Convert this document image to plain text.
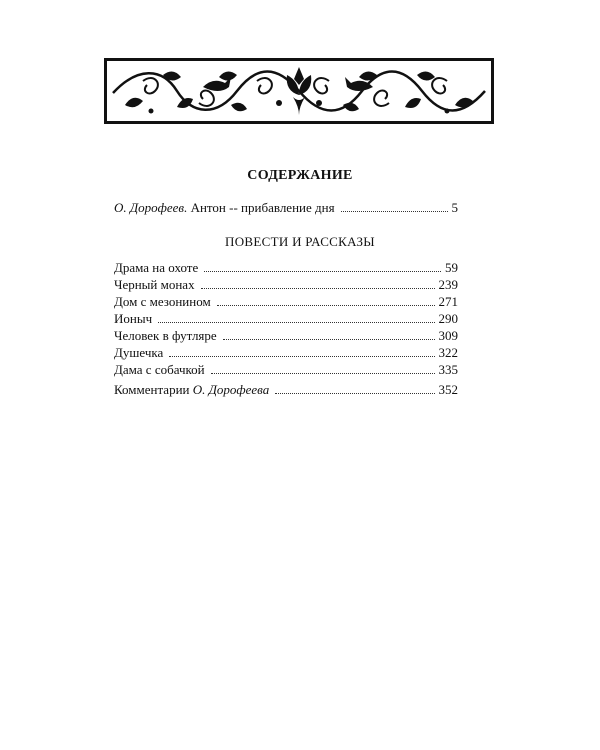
СОДЕРЖАНИЕ
О. Дорофеев. Антон -- прибавление дня	5
ПОВЕСТИ И РАССКАЗЫ
Драма на охоте	59
Черный монах	239
Дом с мезонином	271
Ионыч	290
Человек в футляре	309
Душечка	322
Дама с собачкой	335
Комментарии О. Дорофеева	352
